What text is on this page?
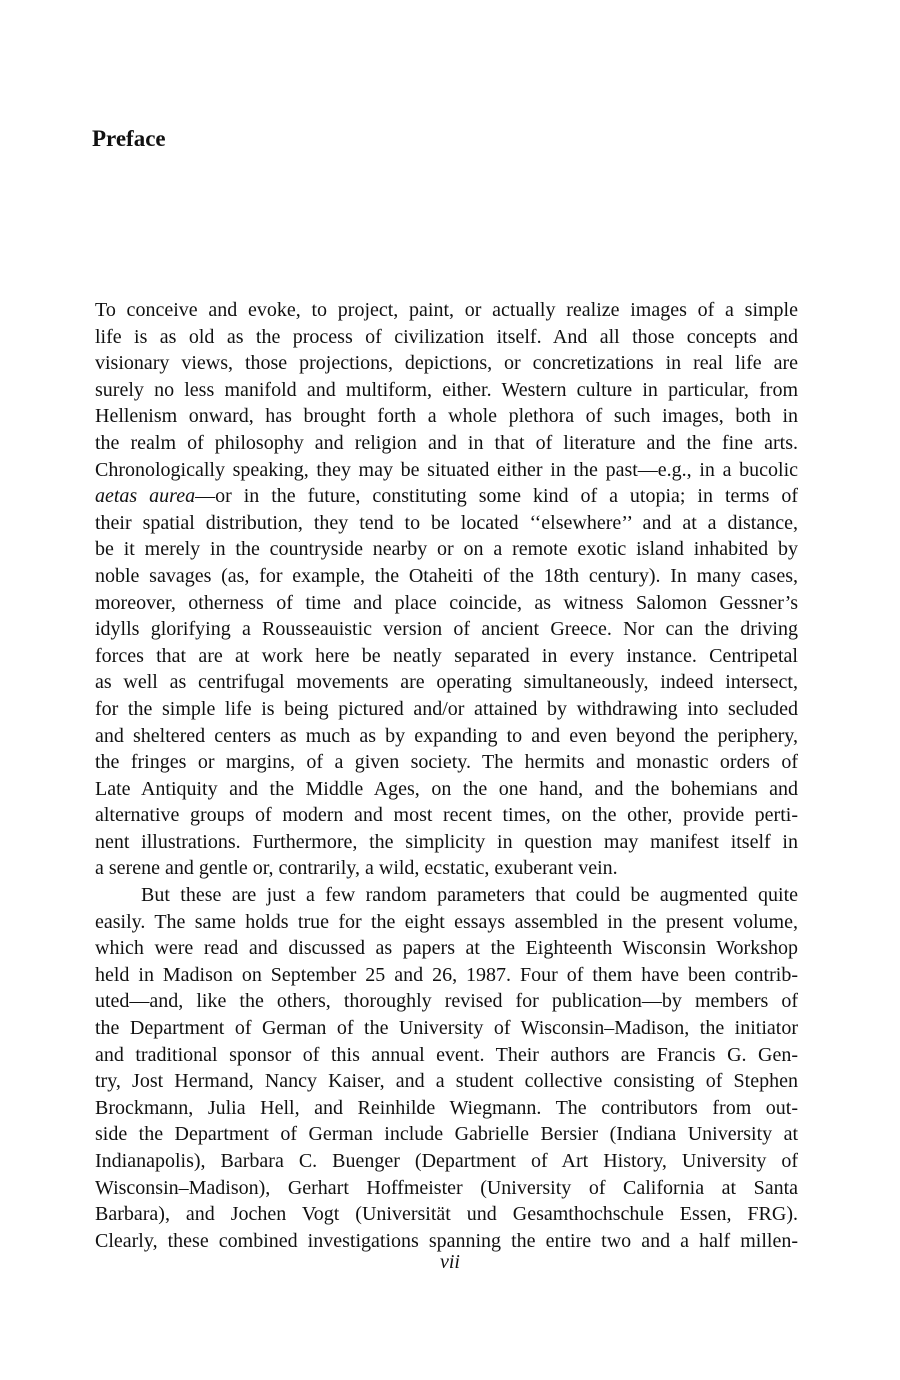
Preface
To conceive and evoke, to project, paint, or actually realize images of a simple
life is as old as the process of civilization itself. And all those concepts and
visionary views, those projections, depictions, or concretizations in real life are
surely no less manifold and multiform, either. Western culture in particular, from
Hellenism onward, has brought forth a whole plethora of such images, both in
the realm of philosophy and religion and in that of literature and the fine arts.
Chronologically speaking, they may be situated either in the past—e.g., in a bucolic
aetas aurea—or in the future, constituting some kind of a utopia; in terms of
their spatial distribution, they tend to be located ‘‘elsewhere’’ and at a distance,
be it merely in the countryside nearby or on a remote exotic island inhabited by
noble savages (as, for example, the Otaheiti of the 18th century). In many cases,
moreover, otherness of time and place coincide, as witness Salomon Gessner’s
idylls glorifying a Rousseauistic version of ancient Greece. Nor can the driving
forces that are at work here be neatly separated in every instance. Centripetal
as well as centrifugal movements are operating simultaneously, indeed intersect,
for the simple life is being pictured and/or attained by withdrawing into secluded
and sheltered centers as much as by expanding to and even beyond the periphery,
the fringes or margins, of a given society. The hermits and monastic orders of
Late Antiquity and the Middle Ages, on the one hand, and the bohemians and
alternative groups of modern and most recent times, on the other, provide perti-
nent illustrations. Furthermore, the simplicity in question may manifest itself in
a serene and gentle or, contrarily, a wild, ecstatic, exuberant vein.
But these are just a few random parameters that could be augmented quite
easily. The same holds true for the eight essays assembled in the present volume,
which were read and discussed as papers at the Eighteenth Wisconsin Workshop
held in Madison on September 25 and 26, 1987. Four of them have been contrib-
uted—and, like the others, thoroughly revised for publication—by members of
the Department of German of the University of Wisconsin–Madison, the initiator
and traditional sponsor of this annual event. Their authors are Francis G. Gen-
try, Jost Hermand, Nancy Kaiser, and a student collective consisting of Stephen
Brockmann, Julia Hell, and Reinhilde Wiegmann. The contributors from out-
side the Department of German include Gabrielle Bersier (Indiana University at
Indianapolis), Barbara C. Buenger (Department of Art History, University of
Wisconsin–Madison), Gerhart Hoffmeister (University of California at Santa
Barbara), and Jochen Vogt (Universität und Gesamthochschule Essen, FRG).
Clearly, these combined investigations spanning the entire two and a half millen-
vii
